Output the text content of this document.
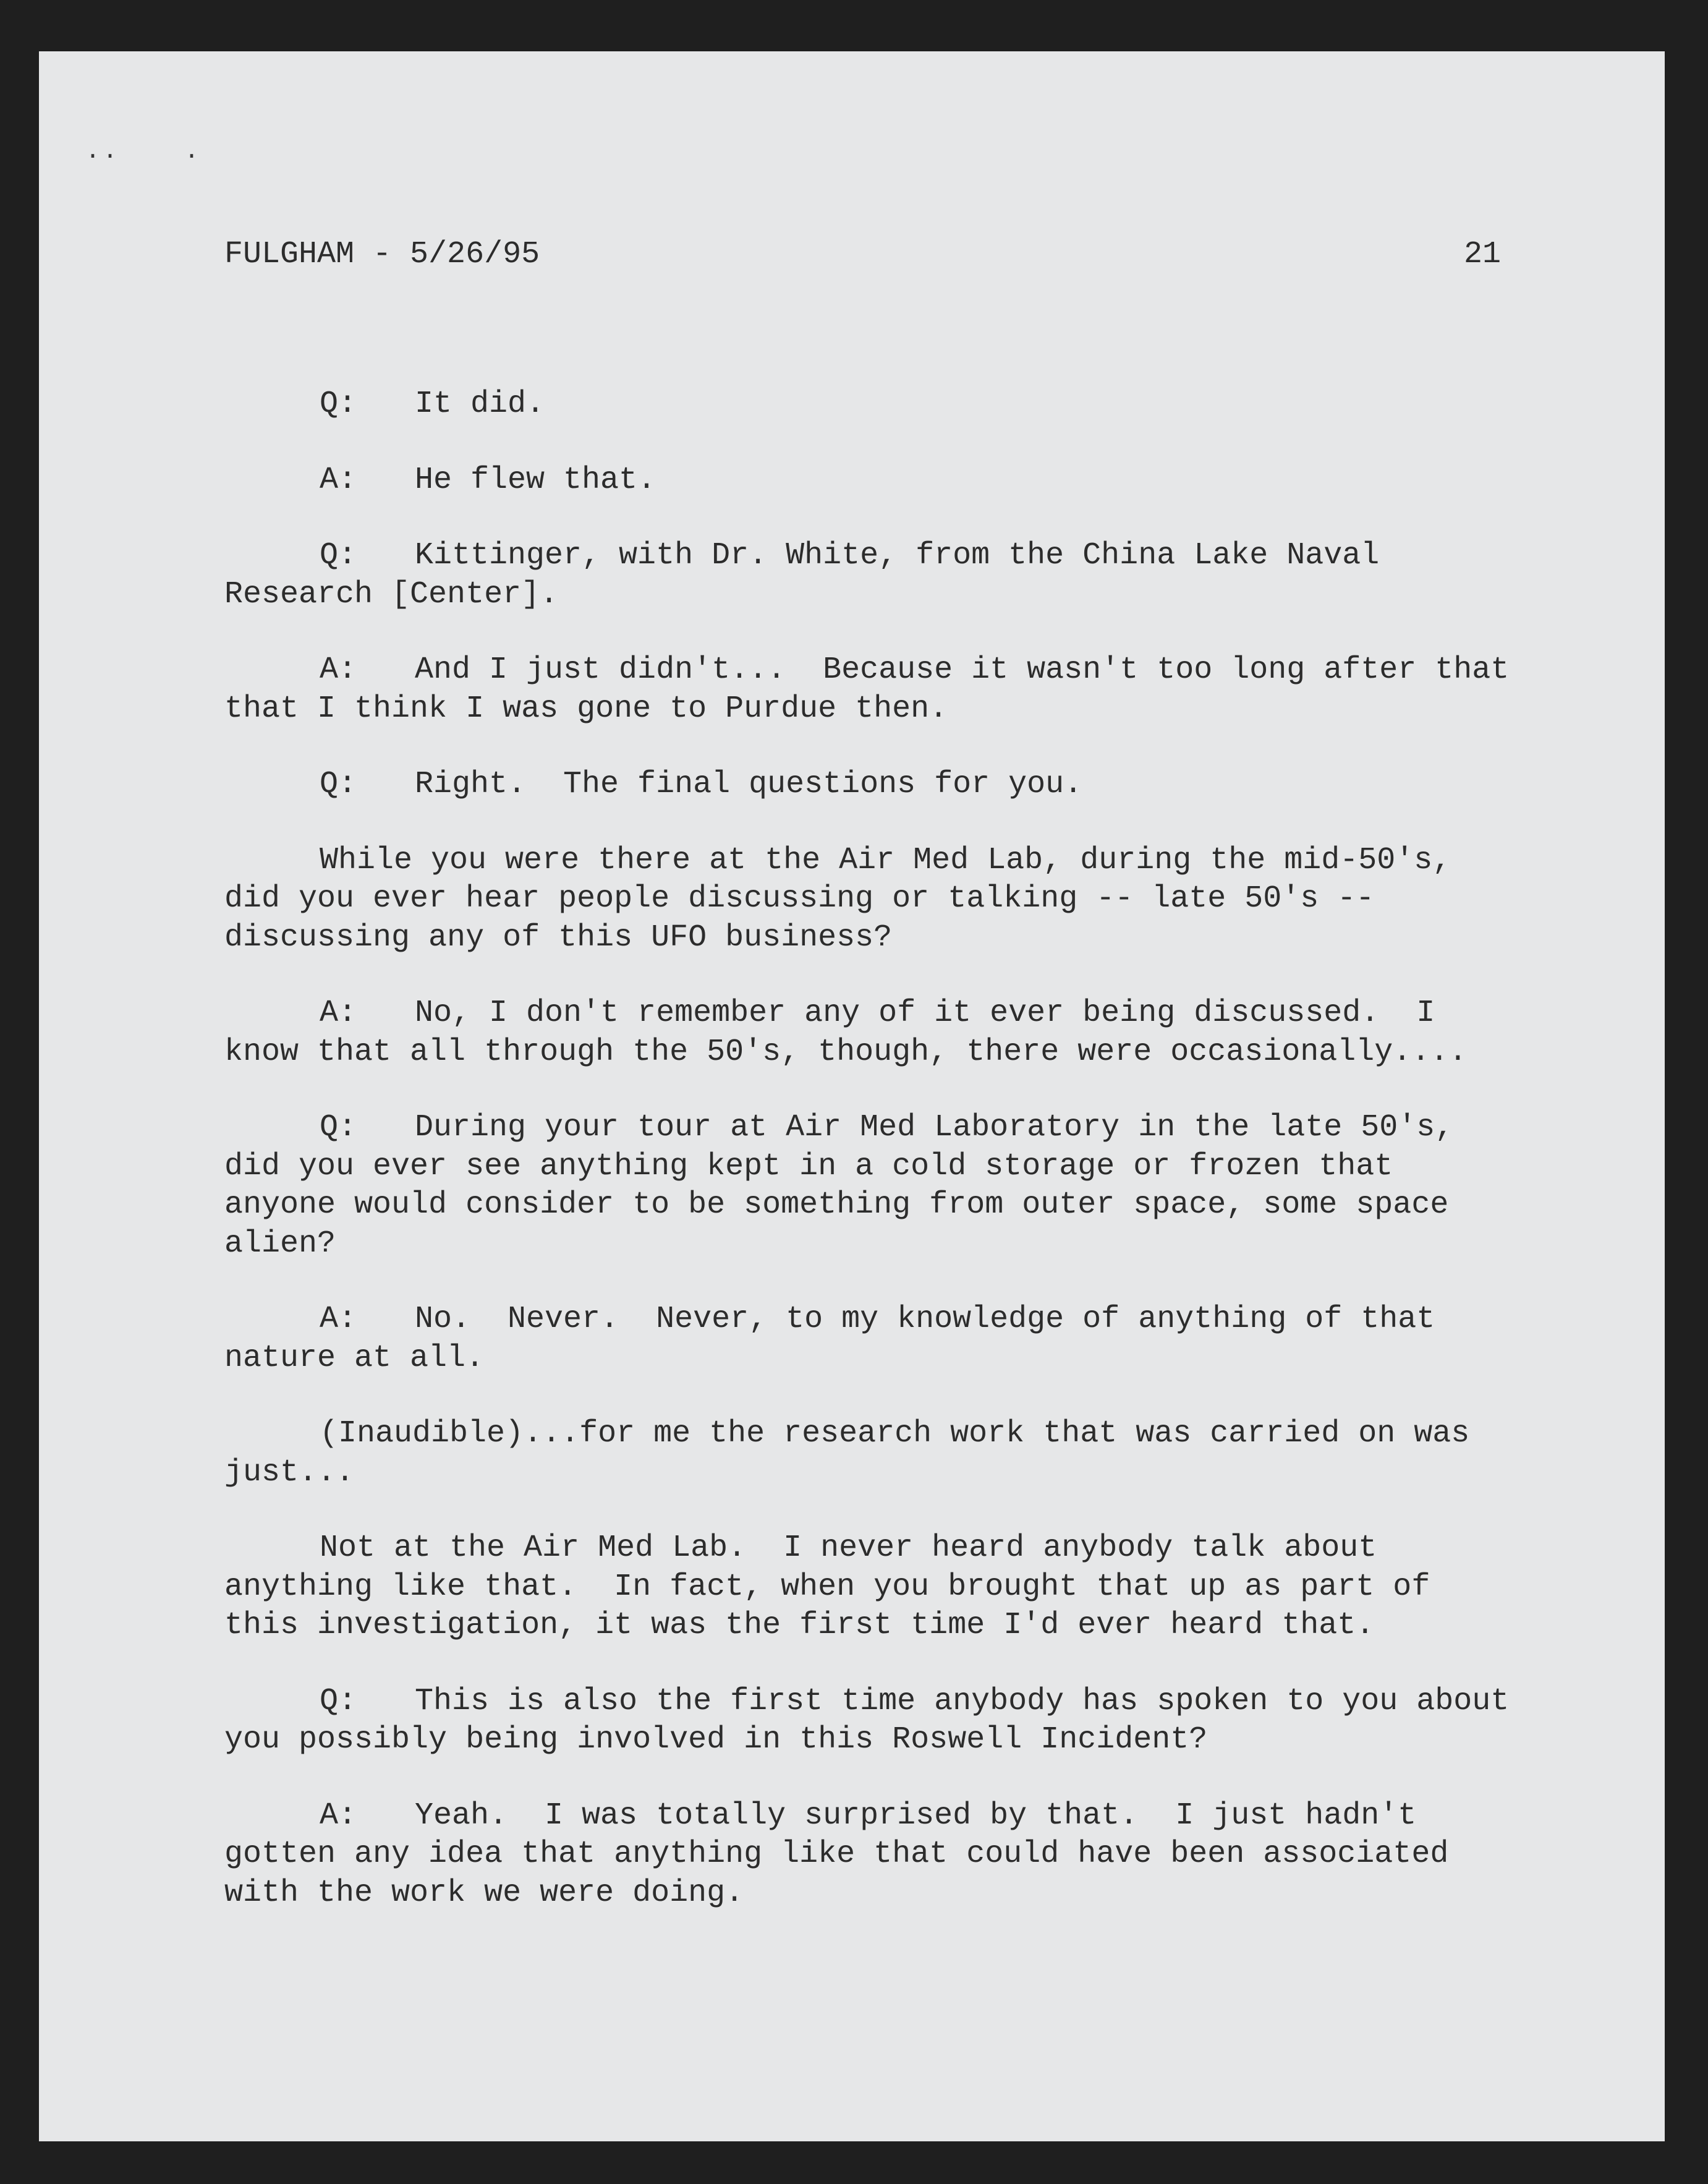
..	.
FULGHAM - 5/26/95	21

Q: It did.

A: He flew that.

Q: Kittinger, with Dr. White, from the China Lake Naval Research [Center].

A: And I just didn't...  Because it wasn't too long after that that I think I was gone to Purdue then.

Q: Right.  The final questions for you.

While you were there at the Air Med Lab, during the mid-50's, did you ever hear people discussing or talking -- late 50's -- discussing any of this UFO business?

A: No, I don't remember any of it ever being discussed.  I know that all through the 50's, though, there were occasionally....

Q: During your tour at Air Med Laboratory in the late 50's, did you ever see anything kept in a cold storage or frozen that anyone would consider to be something from outer space, some space alien?

A: No.  Never.  Never, to my knowledge of anything of that nature at all.

(Inaudible)...for me the research work that was carried on was just...

Not at the Air Med Lab.  I never heard anybody talk about anything like that.  In fact, when you brought that up as part of this investigation, it was the first time I'd ever heard that.

Q: This is also the first time anybody has spoken to you about you possibly being involved in this Roswell Incident?

A: Yeah.  I was totally surprised by that.  I just hadn't gotten any idea that anything like that could have been associated with the work we were doing.
